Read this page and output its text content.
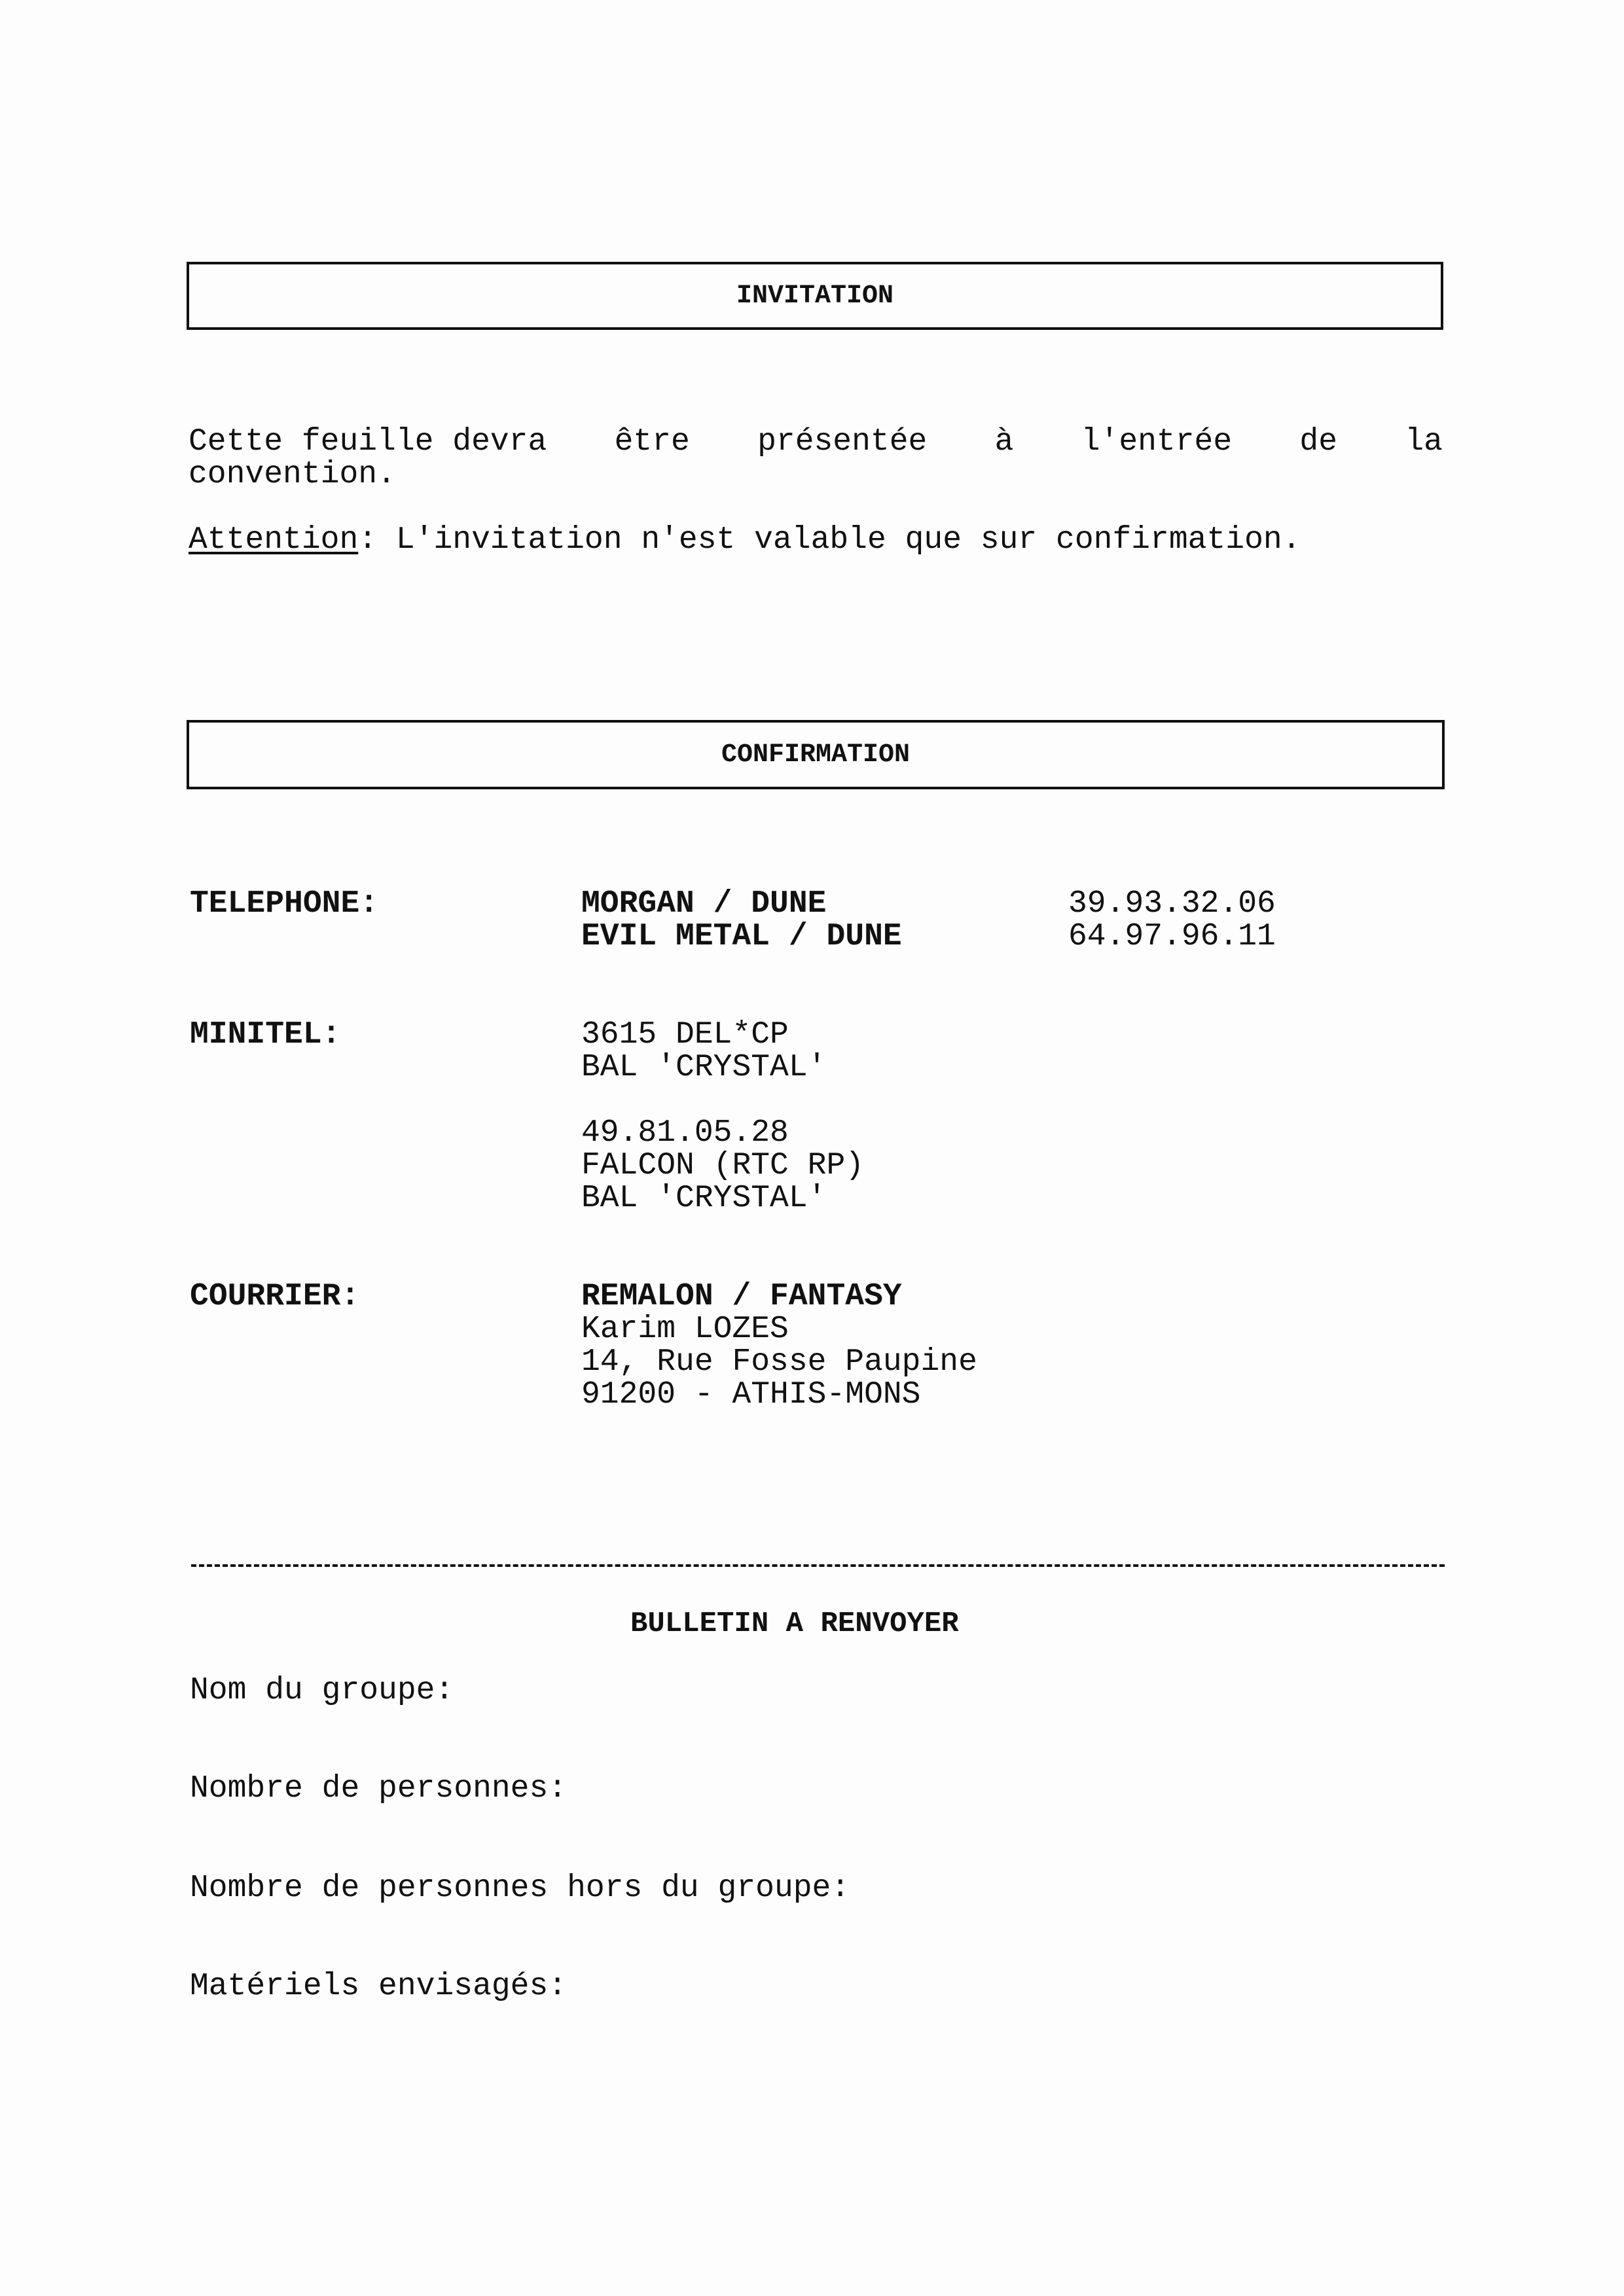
INVITATION
Cette feuille devra être présentée à l'entrée de la
convention.
Attention: L'invitation n'est valable que sur confirmation.
CONFIRMATION
TELEPHONE:	MORGAN / DUNE	39.93.32.06
EVIL METAL / DUNE	64.97.96.11
MINITEL:	3615 DEL*CP
BAL 'CRYSTAL'
49.81.05.28
FALCON (RTC RP)
BAL 'CRYSTAL'
COURRIER:	REMALON / FANTASY
Karim LOZES
14, Rue Fosse Paupine
91200 - ATHIS-MONS
BULLETIN A RENVOYER
Nom du groupe:
Nombre de personnes:
Nombre de personnes hors du groupe:
Matériels envisagés:
